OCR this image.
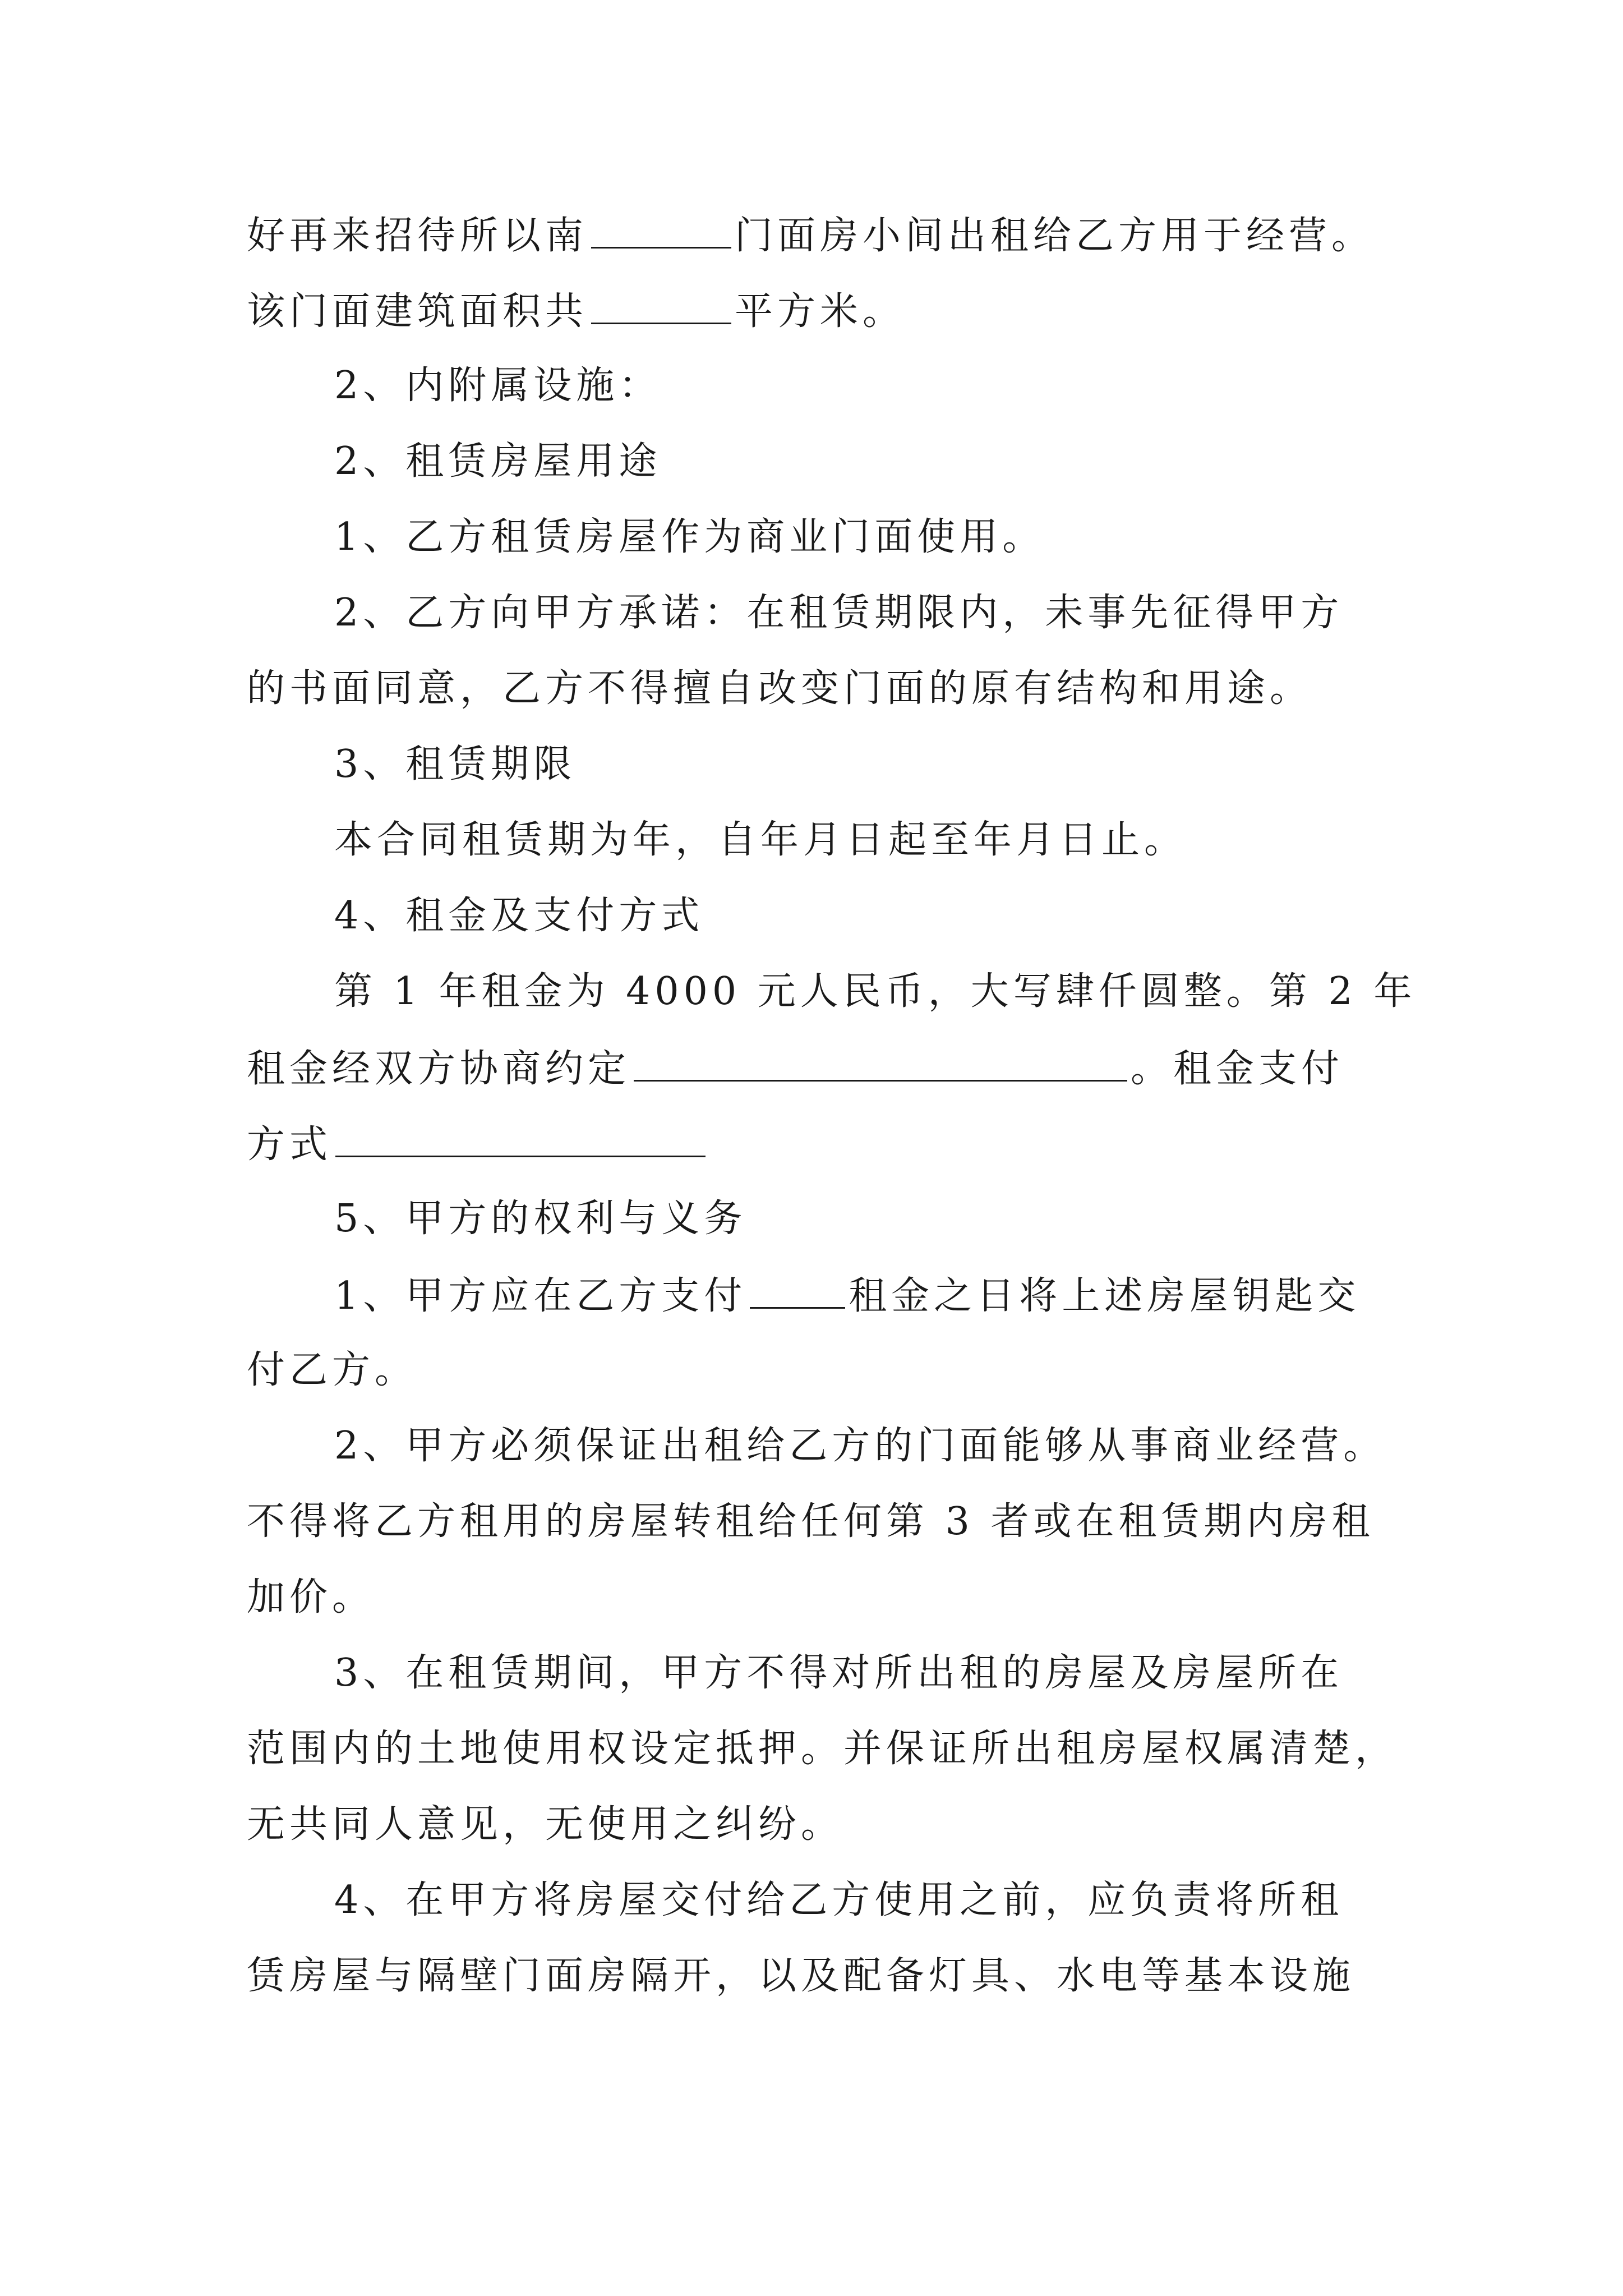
好再来招待所以南	门面房小间出租给乙方用于经营。

该门面建筑面积共	平方米。

2、内附属设施：

2、租赁房屋用途

1、乙方租赁房屋作为商业门面使用。

2、乙方向甲方承诺：在租赁期限内，未事先征得甲方

的书面同意，乙方不得擅自改变门面的原有结构和用途。

3、租赁期限

本合同租赁期为年，自年月日起至年月日止。

4、租金及支付方式

第 1 年租金为 4000 元人民币，大写肆仟圆整。第 2 年

租金经双方协商约定	。租金支付

方式

5、甲方的权利与义务

1、甲方应在乙方支付	租金之日将上述房屋钥匙交

付乙方。

2、甲方必须保证出租给乙方的门面能够从事商业经营。

不得将乙方租用的房屋转租给任何第 3 者或在租赁期内房租

加价。

3、在租赁期间，甲方不得对所出租的房屋及房屋所在

范围内的土地使用权设定抵押。并保证所出租房屋权属清楚，

无共同人意见，无使用之纠纷。

4、在甲方将房屋交付给乙方使用之前，应负责将所租

赁房屋与隔壁门面房隔开，以及配备灯具、水电等基本设施
